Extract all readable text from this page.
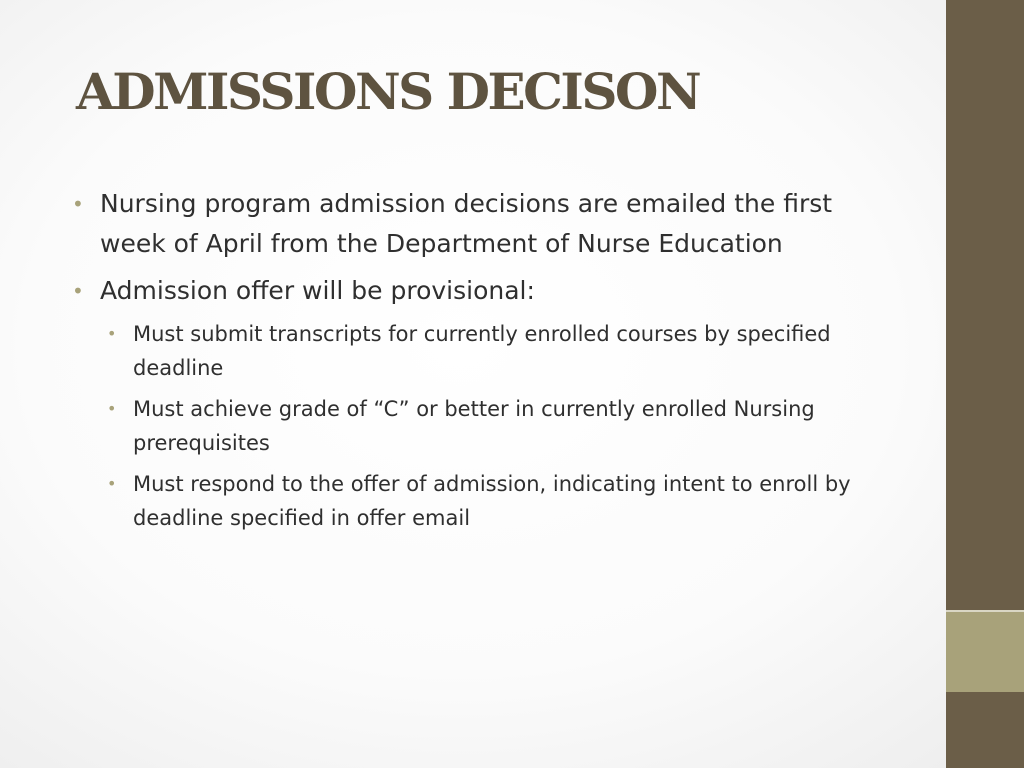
ADMISSIONS DECISON
• Nursing program admission decisions are emailed the first week of April from the Department of Nurse Education
• Admission offer will be provisional:
• Must submit transcripts for currently enrolled courses by specified deadline
• Must achieve grade of “C” or better in currently enrolled Nursing prerequisites
• Must respond to the offer of admission, indicating intent to enroll by deadline specified in offer email
